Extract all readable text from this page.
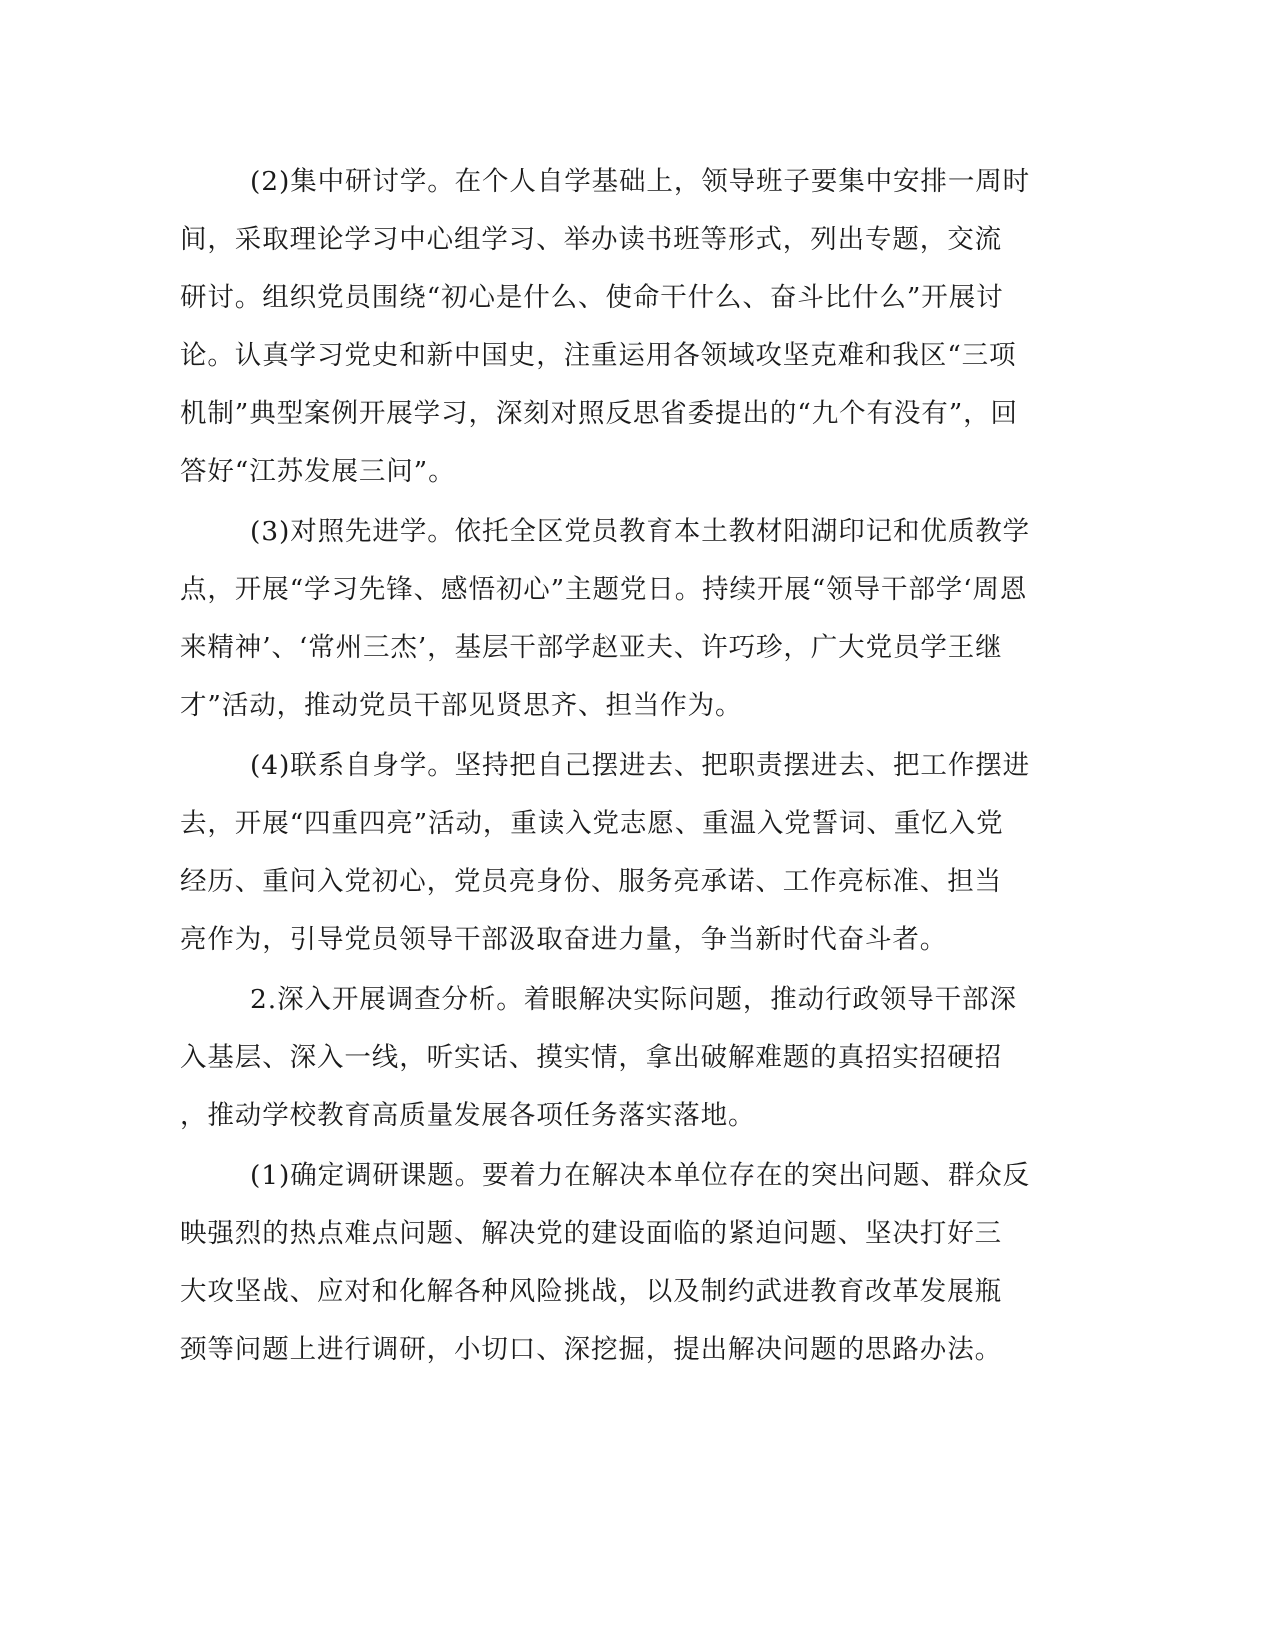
(2)集中研讨学。在个人自学基础上，领导班子要集中安排一周时
间，采取理论学习中心组学习、举办读书班等形式，列出专题，交流
研讨。组织党员围绕“初心是什么、使命干什么、奋斗比什么”开展讨
论。认真学习党史和新中国史，注重运用各领域攻坚克难和我区“三项
机制”典型案例开展学习，深刻对照反思省委提出的“九个有没有”，回
答好“江苏发展三问”。
(3)对照先进学。依托全区党员教育本土教材阳湖印记和优质教学
点，开展“学习先锋、感悟初心”主题党日。持续开展“领导干部学‘周恩
来精神’、‘常州三杰’，基层干部学赵亚夫、许巧珍，广大党员学王继
才”活动，推动党员干部见贤思齐、担当作为。
(4)联系自身学。坚持把自己摆进去、把职责摆进去、把工作摆进
去，开展“四重四亮”活动，重读入党志愿、重温入党誓词、重忆入党
经历、重问入党初心，党员亮身份、服务亮承诺、工作亮标准、担当
亮作为，引导党员领导干部汲取奋进力量，争当新时代奋斗者。
2.深入开展调查分析。着眼解决实际问题，推动行政领导干部深
入基层、深入一线，听实话、摸实情，拿出破解难题的真招实招硬招
，推动学校教育高质量发展各项任务落实落地。
(1)确定调研课题。要着力在解决本单位存在的突出问题、群众反
映强烈的热点难点问题、解决党的建设面临的紧迫问题、坚决打好三
大攻坚战、应对和化解各种风险挑战，以及制约武进教育改革发展瓶
颈等问题上进行调研，小切口、深挖掘，提出解决问题的思路办法。
